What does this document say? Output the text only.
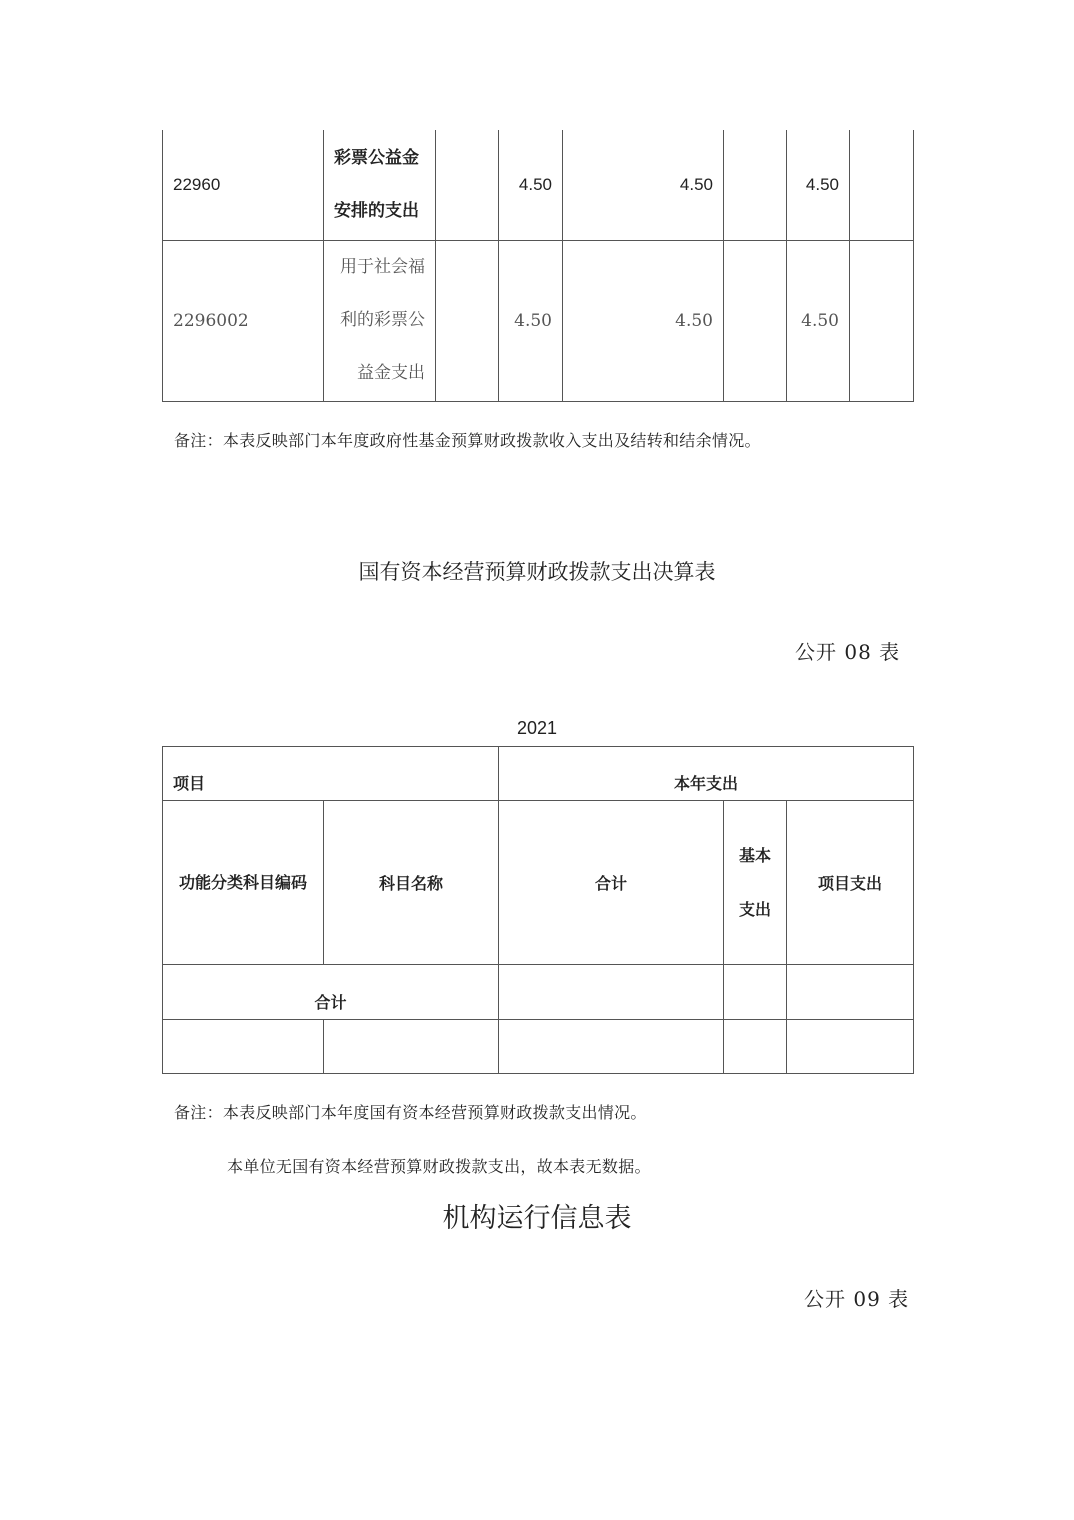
22960	彩票公益金安排的支出		4.50	4.50		4.50	
2296002	用于社会福利的彩票公益金支出		4.50	4.50		4.50	
备注：本表反映部门本年度政府性基金预算财政拨款收入支出及结转和结余情况。
国有资本经营预算财政拨款支出决算表
公开 08 表
2021
项目		本年支出		
功能分类科目编码	科目名称	合计	基本支出	项目支出
合计				

备注：本表反映部门本年度国有资本经营预算财政拨款支出情况。
本单位无国有资本经营预算财政拨款支出，故本表无数据。
机构运行信息表
公开 09 表
